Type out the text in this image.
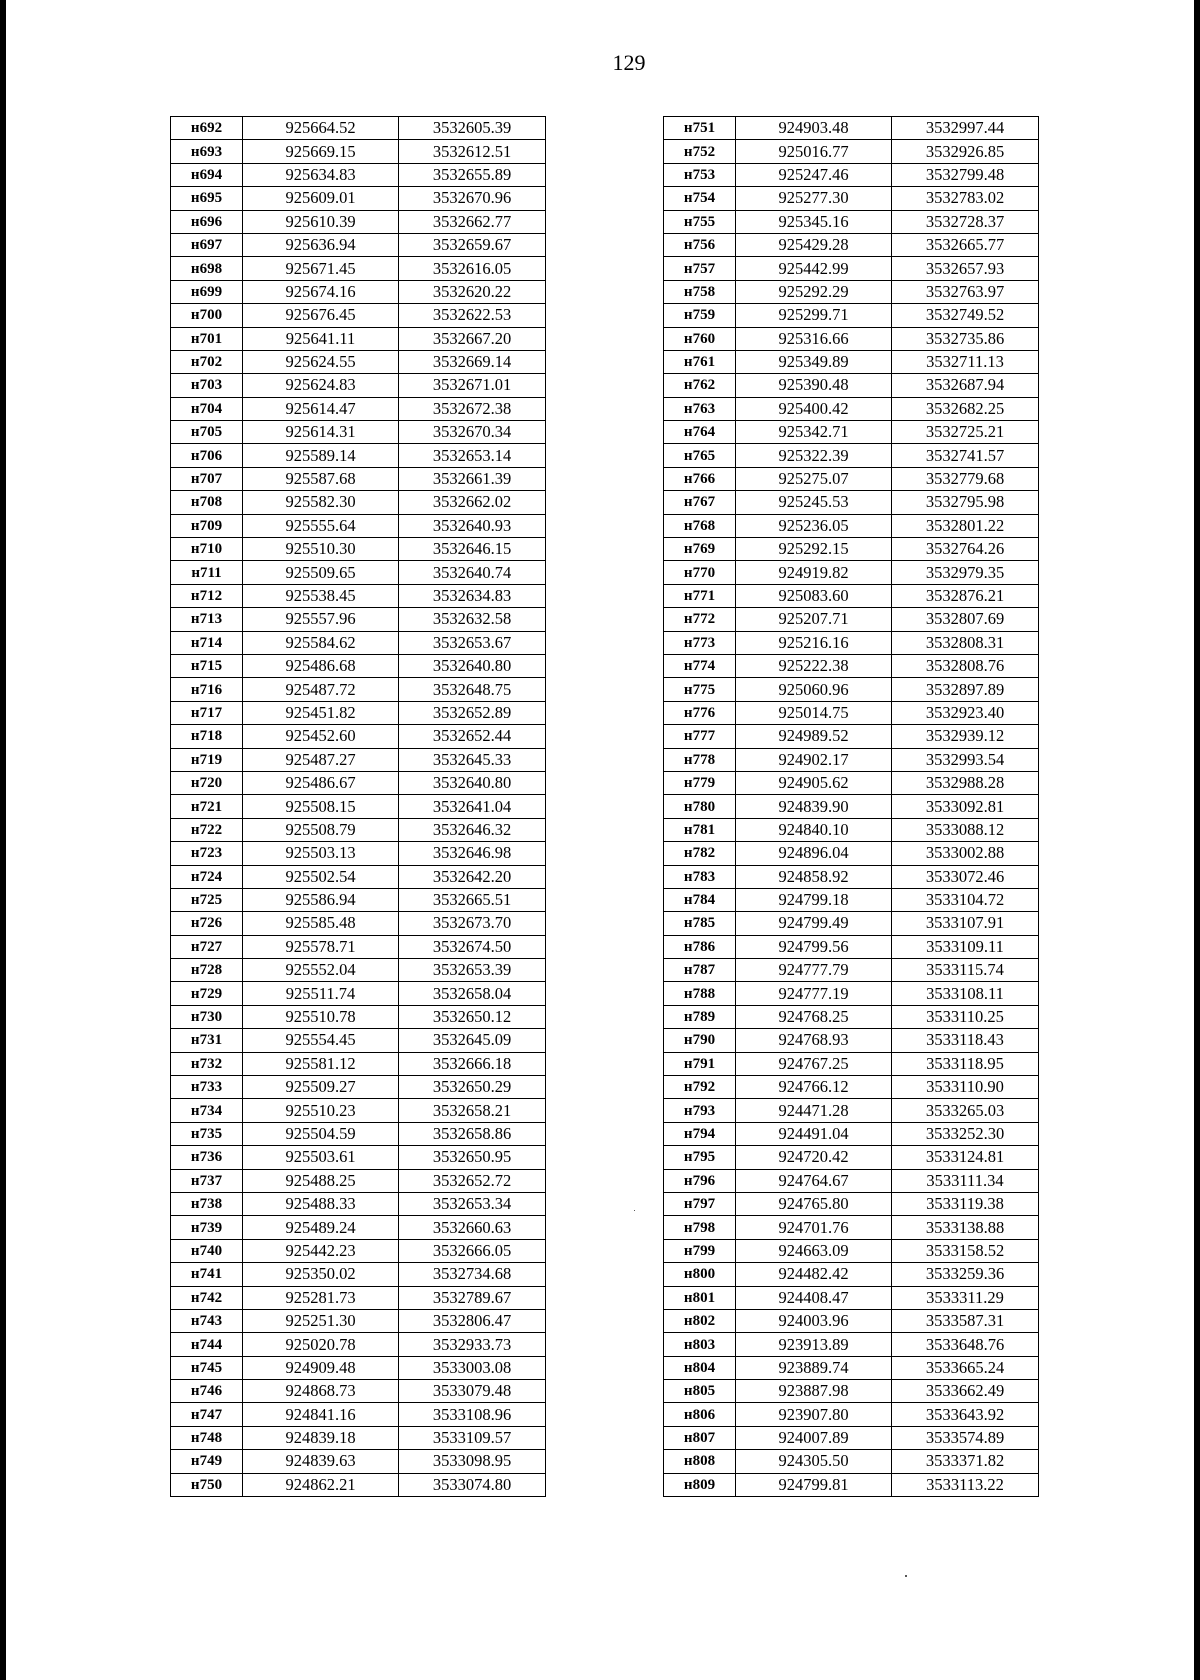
129
н692	925664.52	3532605.39
н693	925669.15	3532612.51
н694	925634.83	3532655.89
н695	925609.01	3532670.96
н696	925610.39	3532662.77
н697	925636.94	3532659.67
н698	925671.45	3532616.05
н699	925674.16	3532620.22
н700	925676.45	3532622.53
н701	925641.11	3532667.20
н702	925624.55	3532669.14
н703	925624.83	3532671.01
н704	925614.47	3532672.38
н705	925614.31	3532670.34
н706	925589.14	3532653.14
н707	925587.68	3532661.39
н708	925582.30	3532662.02
н709	925555.64	3532640.93
н710	925510.30	3532646.15
н711	925509.65	3532640.74
н712	925538.45	3532634.83
н713	925557.96	3532632.58
н714	925584.62	3532653.67
н715	925486.68	3532640.80
н716	925487.72	3532648.75
н717	925451.82	3532652.89
н718	925452.60	3532652.44
н719	925487.27	3532645.33
н720	925486.67	3532640.80
н721	925508.15	3532641.04
н722	925508.79	3532646.32
н723	925503.13	3532646.98
н724	925502.54	3532642.20
н725	925586.94	3532665.51
н726	925585.48	3532673.70
н727	925578.71	3532674.50
н728	925552.04	3532653.39
н729	925511.74	3532658.04
н730	925510.78	3532650.12
н731	925554.45	3532645.09
н732	925581.12	3532666.18
н733	925509.27	3532650.29
н734	925510.23	3532658.21
н735	925504.59	3532658.86
н736	925503.61	3532650.95
н737	925488.25	3532652.72
н738	925488.33	3532653.34
н739	925489.24	3532660.63
н740	925442.23	3532666.05
н741	925350.02	3532734.68
н742	925281.73	3532789.67
н743	925251.30	3532806.47
н744	925020.78	3532933.73
н745	924909.48	3533003.08
н746	924868.73	3533079.48
н747	924841.16	3533108.96
н748	924839.18	3533109.57
н749	924839.63	3533098.95
н750	924862.21	3533074.80
н751	924903.48	3532997.44
н752	925016.77	3532926.85
н753	925247.46	3532799.48
н754	925277.30	3532783.02
н755	925345.16	3532728.37
н756	925429.28	3532665.77
н757	925442.99	3532657.93
н758	925292.29	3532763.97
н759	925299.71	3532749.52
н760	925316.66	3532735.86
н761	925349.89	3532711.13
н762	925390.48	3532687.94
н763	925400.42	3532682.25
н764	925342.71	3532725.21
н765	925322.39	3532741.57
н766	925275.07	3532779.68
н767	925245.53	3532795.98
н768	925236.05	3532801.22
н769	925292.15	3532764.26
н770	924919.82	3532979.35
н771	925083.60	3532876.21
н772	925207.71	3532807.69
н773	925216.16	3532808.31
н774	925222.38	3532808.76
н775	925060.96	3532897.89
н776	925014.75	3532923.40
н777	924989.52	3532939.12
н778	924902.17	3532993.54
н779	924905.62	3532988.28
н780	924839.90	3533092.81
н781	924840.10	3533088.12
н782	924896.04	3533002.88
н783	924858.92	3533072.46
н784	924799.18	3533104.72
н785	924799.49	3533107.91
н786	924799.56	3533109.11
н787	924777.79	3533115.74
н788	924777.19	3533108.11
н789	924768.25	3533110.25
н790	924768.93	3533118.43
н791	924767.25	3533118.95
н792	924766.12	3533110.90
н793	924471.28	3533265.03
н794	924491.04	3533252.30
н795	924720.42	3533124.81
н796	924764.67	3533111.34
н797	924765.80	3533119.38
н798	924701.76	3533138.88
н799	924663.09	3533158.52
н800	924482.42	3533259.36
н801	924408.47	3533311.29
н802	924003.96	3533587.31
н803	923913.89	3533648.76
н804	923889.74	3533665.24
н805	923887.98	3533662.49
н806	923907.80	3533643.92
н807	924007.89	3533574.89
н808	924305.50	3533371.82
н809	924799.81	3533113.22
